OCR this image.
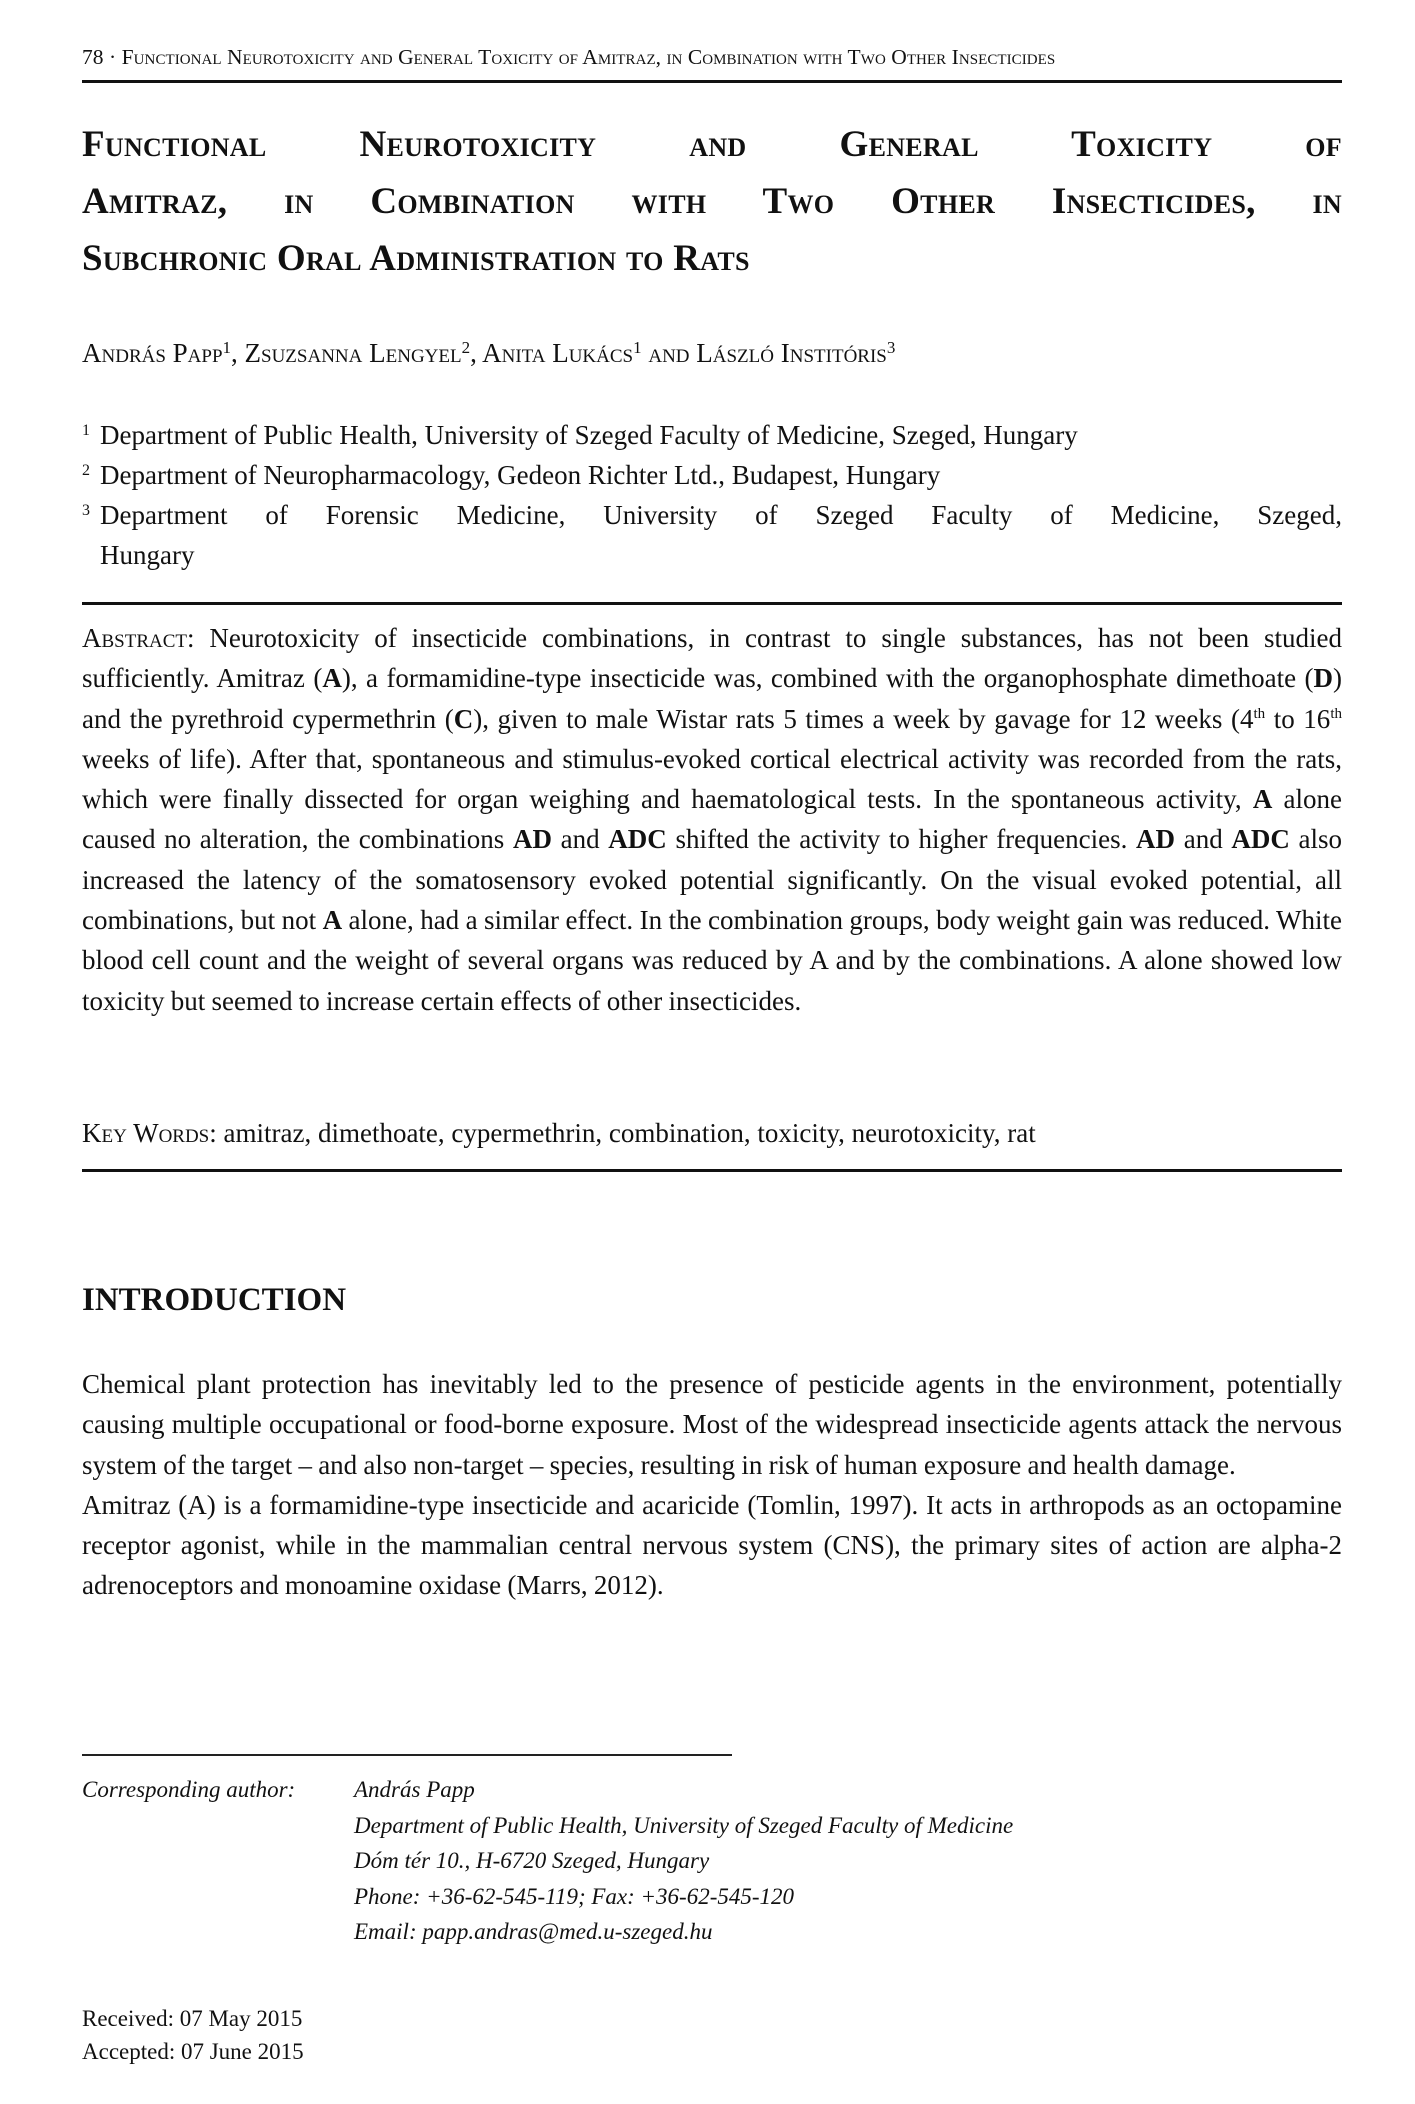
78 · Functional Neurotoxicity and General Toxicity of Amitraz, in Combination with Two Other Insecticides
Functional Neurotoxicity and General Toxicity of
Amitraz, in Combination with Two Other Insecticides, in
Subchronic Oral Administration to Rats
András Papp$^1$, Zsuzsanna Lengyel$^2$, Anita Lukács$^1$ and László Institóris$^3$
$^1$ Department of Public Health, University of Szeged Faculty of Medicine, Szeged, Hungary
$^2$ Department of Neuropharmacology, Gedeon Richter Ltd., Budapest, Hungary
$^3$ Department of Forensic Medicine, University of Szeged Faculty of Medicine, Szeged,
Hungary
Abstract: Neurotoxicity of insecticide combinations, in contrast to single substances, has not been studied sufficiently. Amitraz (A), a formamidine-type insecticide was, combined with the organophosphate dimethoate (D) and the pyrethroid cypermethrin (C), given to male Wistar rats 5 times a week by gavage for 12 weeks (4th to 16th weeks of life). After that, spontaneous and stimulus-evoked cortical electrical activity was recorded from the rats, which were finally dissected for organ weighing and haematological tests. In the spontaneous activity, A alone caused no alteration, the combinations AD and ADC shifted the activity to higher frequencies. AD and ADC also increased the latency of the somatosensory evoked potential significantly. On the visual evoked potential, all combinations, but not A alone, had a similar effect. In the combination groups, body weight gain was reduced. White blood cell count and the weight of several organs was reduced by A and by the combinations. A alone showed low toxicity but seemed to increase certain effects of other insecticides.
Key Words: amitraz, dimethoate, cypermethrin, combination, toxicity, neurotoxicity, rat
INTRODUCTION

Chemical plant protection has inevitably led to the presence of pesticide agents in the environment, potentially causing multiple occupational or food-borne exposure. Most of the widespread insecticide agents attack the nervous system of the target – and also non-target – species, resulting in risk of human exposure and health damage.

Amitraz (A) is a formamidine-type insecticide and acaricide (Tomlin, 1997). It acts in arthropods as an octopamine receptor agonist, while in the mammalian central nervous system (CNS), the primary sites of action are alpha-2 adrenoceptors and monoamine oxidase (Marrs, 2012).

Corresponding author:	András Papp
Department of Public Health, University of Szeged Faculty of Medicine
Dóm tér 10., H-6720 Szeged, Hungary
Phone: +36-62-545-119; Fax: +36-62-545-120
Email: papp.andras@med.u-szeged.hu
Received: 07 May 2015
Accepted: 07 June 2015
